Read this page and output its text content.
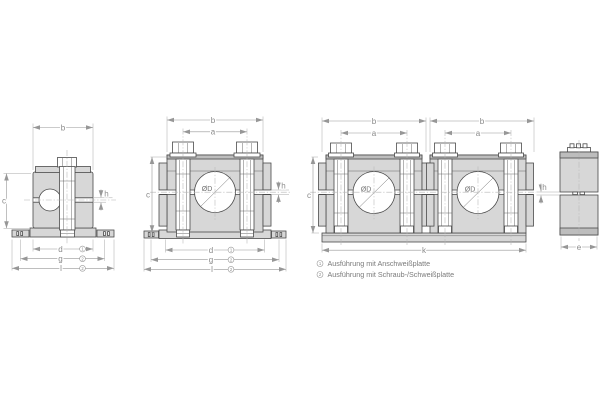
b
c
h
d	1
g	2
l	2
ØD
b
a
c
h
d	1
g	2
l	2
ØD	ØD
b	b
a	a
c
k
h
e
1 Ausführung mit Anschweißplatte
2 Ausführung mit Schraub-/Schweißplatte
